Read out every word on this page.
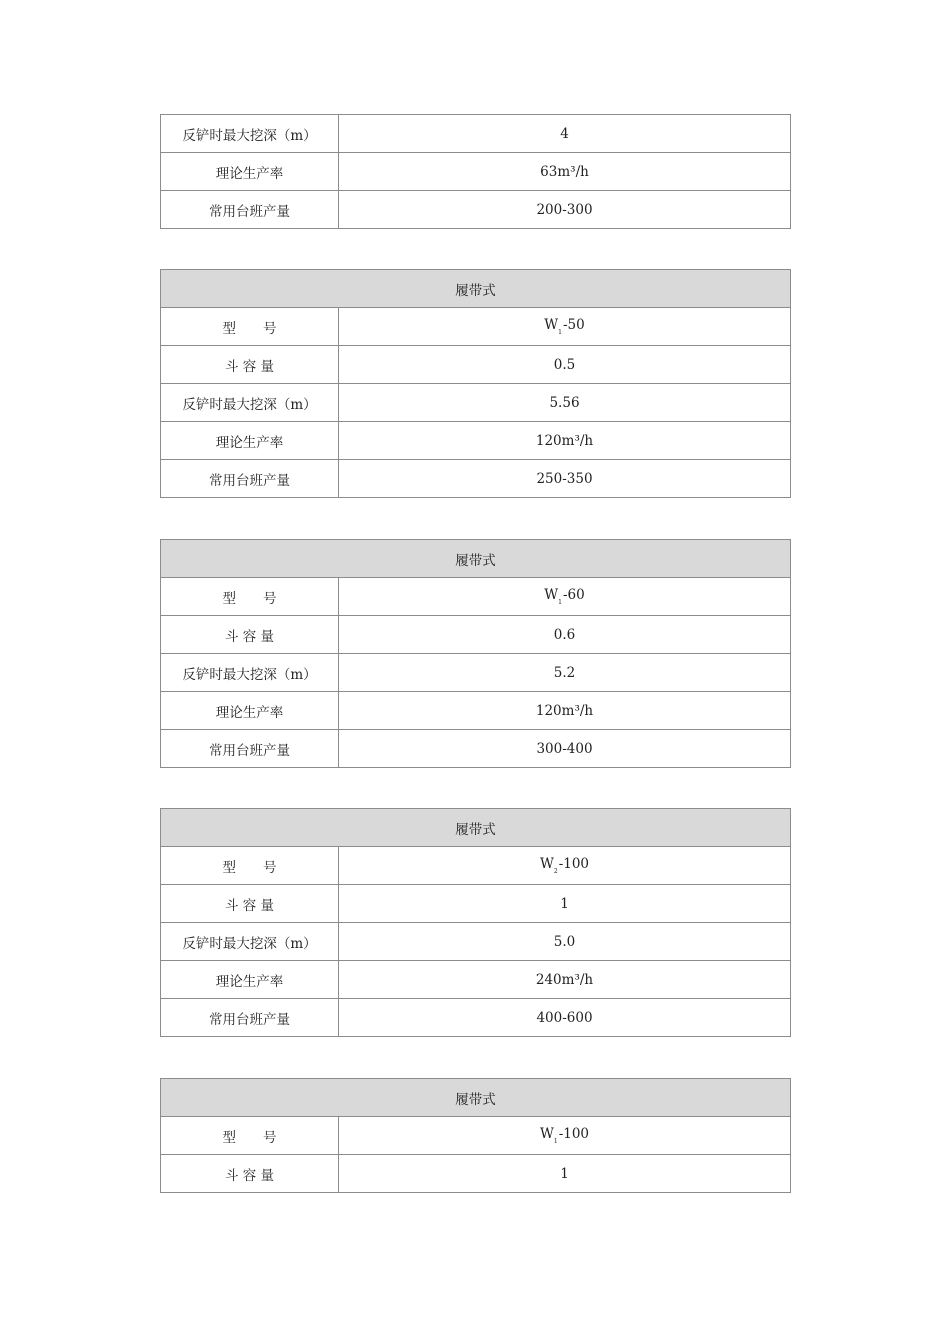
反铲时最大挖深（m）	4
理论生产率	63m³/h
常用台班产量	200-300
履带式	
型　　号	$W_1-50$
斗 容 量	0.5
反铲时最大挖深（m）	5.56
理论生产率	120m³/h
常用台班产量	250-350
履带式	
型　　号	$W_1-60$
斗 容 量	0.6
反铲时最大挖深（m）	5.2
理论生产率	120m³/h
常用台班产量	300-400
履带式	
型　　号	$W_2-100$
斗 容 量	1
反铲时最大挖深（m）	5.0
理论生产率	240m³/h
常用台班产量	400-600
履带式	
型　　号	$W_1-100$
斗 容 量	1
